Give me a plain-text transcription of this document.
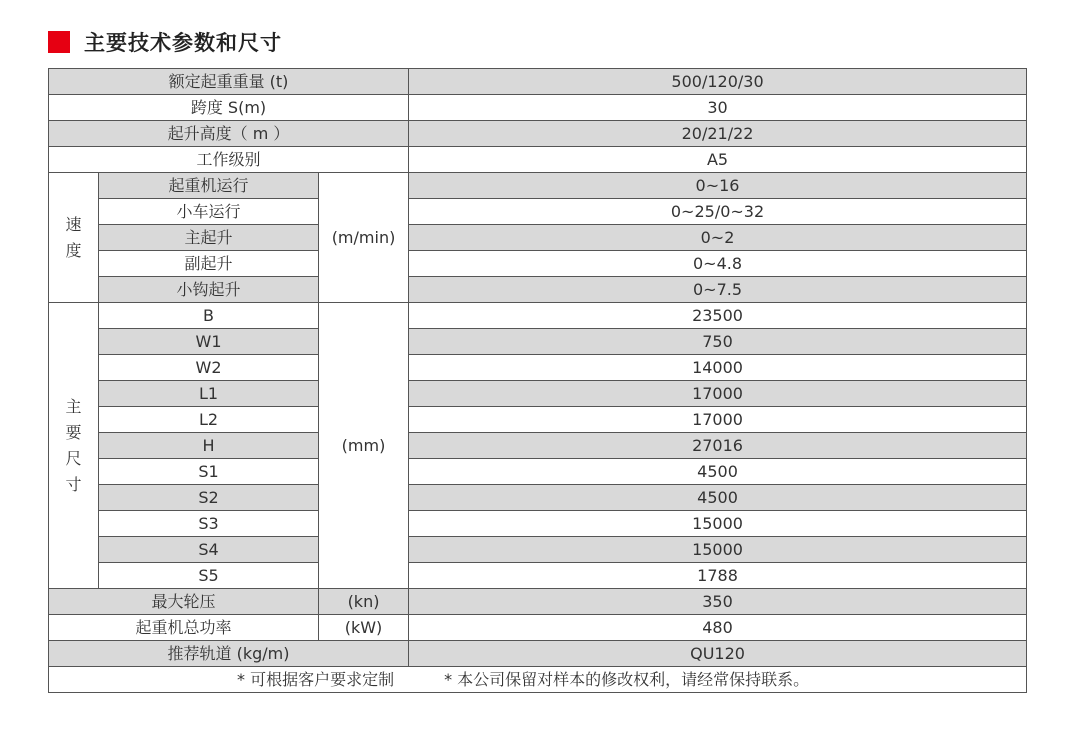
主要技术参数和尺寸
额定起重重量 (t)			500/120/30
跨度 S(m)			30
起升高度（ m ）			20/21/22
工作级别			A5
速度	起重机运行	(m/min)	0~16
	小车运行		0~25/0~32
	主起升		0~2
	副起升		0~4.8
	小钩起升		0~7.5
主要尺寸	B	(mm)	23500
	W1		750
	W2		14000
	L1		17000
	L2		17000
	H		27016
	S1		4500
	S2		4500
	S3		15000
	S4		15000
	S5		1788
最大轮压		(kn)	350
起重机总功率		(kW)	480
推荐轨道 (kg/m)			QU120
* 可根据客户要求定制 * 本公司保留对样本的修改权利，请经常保持联系。			
